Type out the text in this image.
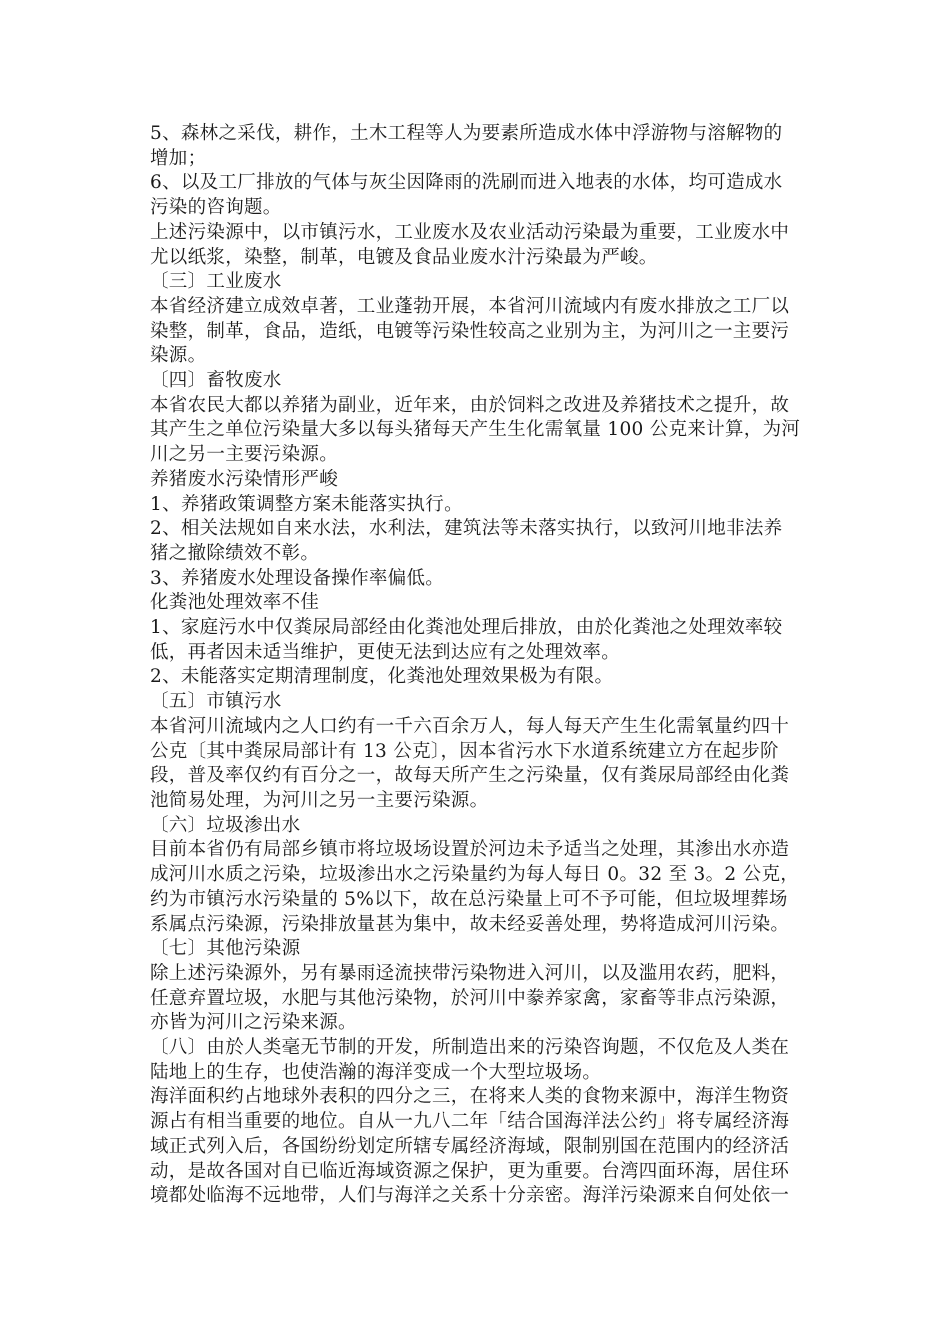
5、森林之采伐，耕作，土木工程等人为要素所造成水体中浮游物与溶解物的

增加；

6、以及工厂排放的气体与灰尘因降雨的洗刷而进入地表的水体，均可造成水

污染的咨询题。

上述污染源中，以市镇污水，工业废水及农业活动污染最为重要，工业废水中

尤以纸浆，染整，制革，电镀及食品业废水汁污染最为严峻。

〔三〕工业废水

本省经济建立成效卓著，工业蓬勃开展，本省河川流域内有废水排放之工厂以

染整，制革，食品，造纸，电镀等污染性较高之业别为主，为河川之一主要污

染源。

〔四〕畜牧废水

本省农民大都以养猪为副业，近年来，由於饲料之改进及养猪技术之提升，故

其产生之单位污染量大多以每头猪每天产生生化需氧量 100 公克来计算，为河

川之另一主要污染源。

养猪废水污染情形严峻

1、养猪政策调整方案未能落实执行。

2、相关法规如自来水法，水利法，建筑法等未落实执行，以致河川地非法养

猪之撤除绩效不彰。

3、养猪废水处理设备操作率偏低。

化粪池处理效率不佳

1、家庭污水中仅粪尿局部经由化粪池处理后排放，由於化粪池之处理效率较

低，再者因未适当维护，更使无法到达应有之处理效率。

2、未能落实定期清理制度，化粪池处理效果极为有限。

〔五〕市镇污水

本省河川流域内之人口约有一千六百余万人，每人每天产生生化需氧量约四十

公克〔其中粪尿局部计有 13 公克〕，因本省污水下水道系统建立方在起步阶

段，普及率仅约有百分之一，故每天所产生之污染量，仅有粪尿局部经由化粪

池简易处理，为河川之另一主要污染源。

〔六〕垃圾渗出水

目前本省仍有局部乡镇市将垃圾场设置於河边未予适当之处理，其渗出水亦造

成河川水质之污染，垃圾渗出水之污染量约为每人每日 0。32 至 3。2 公克，

约为市镇污水污染量的 5%以下，故在总污染量上可不予可能，但垃圾埋葬场

系属点污染源，污染排放量甚为集中，故未经妥善处理，势将造成河川污染。

〔七〕其他污染源

除上述污染源外，另有暴雨迳流挟带污染物进入河川，以及滥用农药，肥料，

任意弃置垃圾，水肥与其他污染物，於河川中豢养家禽，家畜等非点污染源，

亦皆为河川之污染来源。

〔八〕由於人类毫无节制的开发，所制造出来的污染咨询题，不仅危及人类在

陆地上的生存，也使浩瀚的海洋变成一个大型垃圾场。

海洋面积约占地球外表积的四分之三，在将来人类的食物来源中，海洋生物资

源占有相当重要的地位。自从一九八二年「结合国海洋法公约」将专属经济海

域正式列入后，各国纷纷划定所辖专属经济海域，限制别国在范围内的经济活

动，是故各国对自已临近海域资源之保护，更为重要。台湾四面环海，居住环

境都处临海不远地带，人们与海洋之关系十分亲密。海洋污染源来自何处依一
